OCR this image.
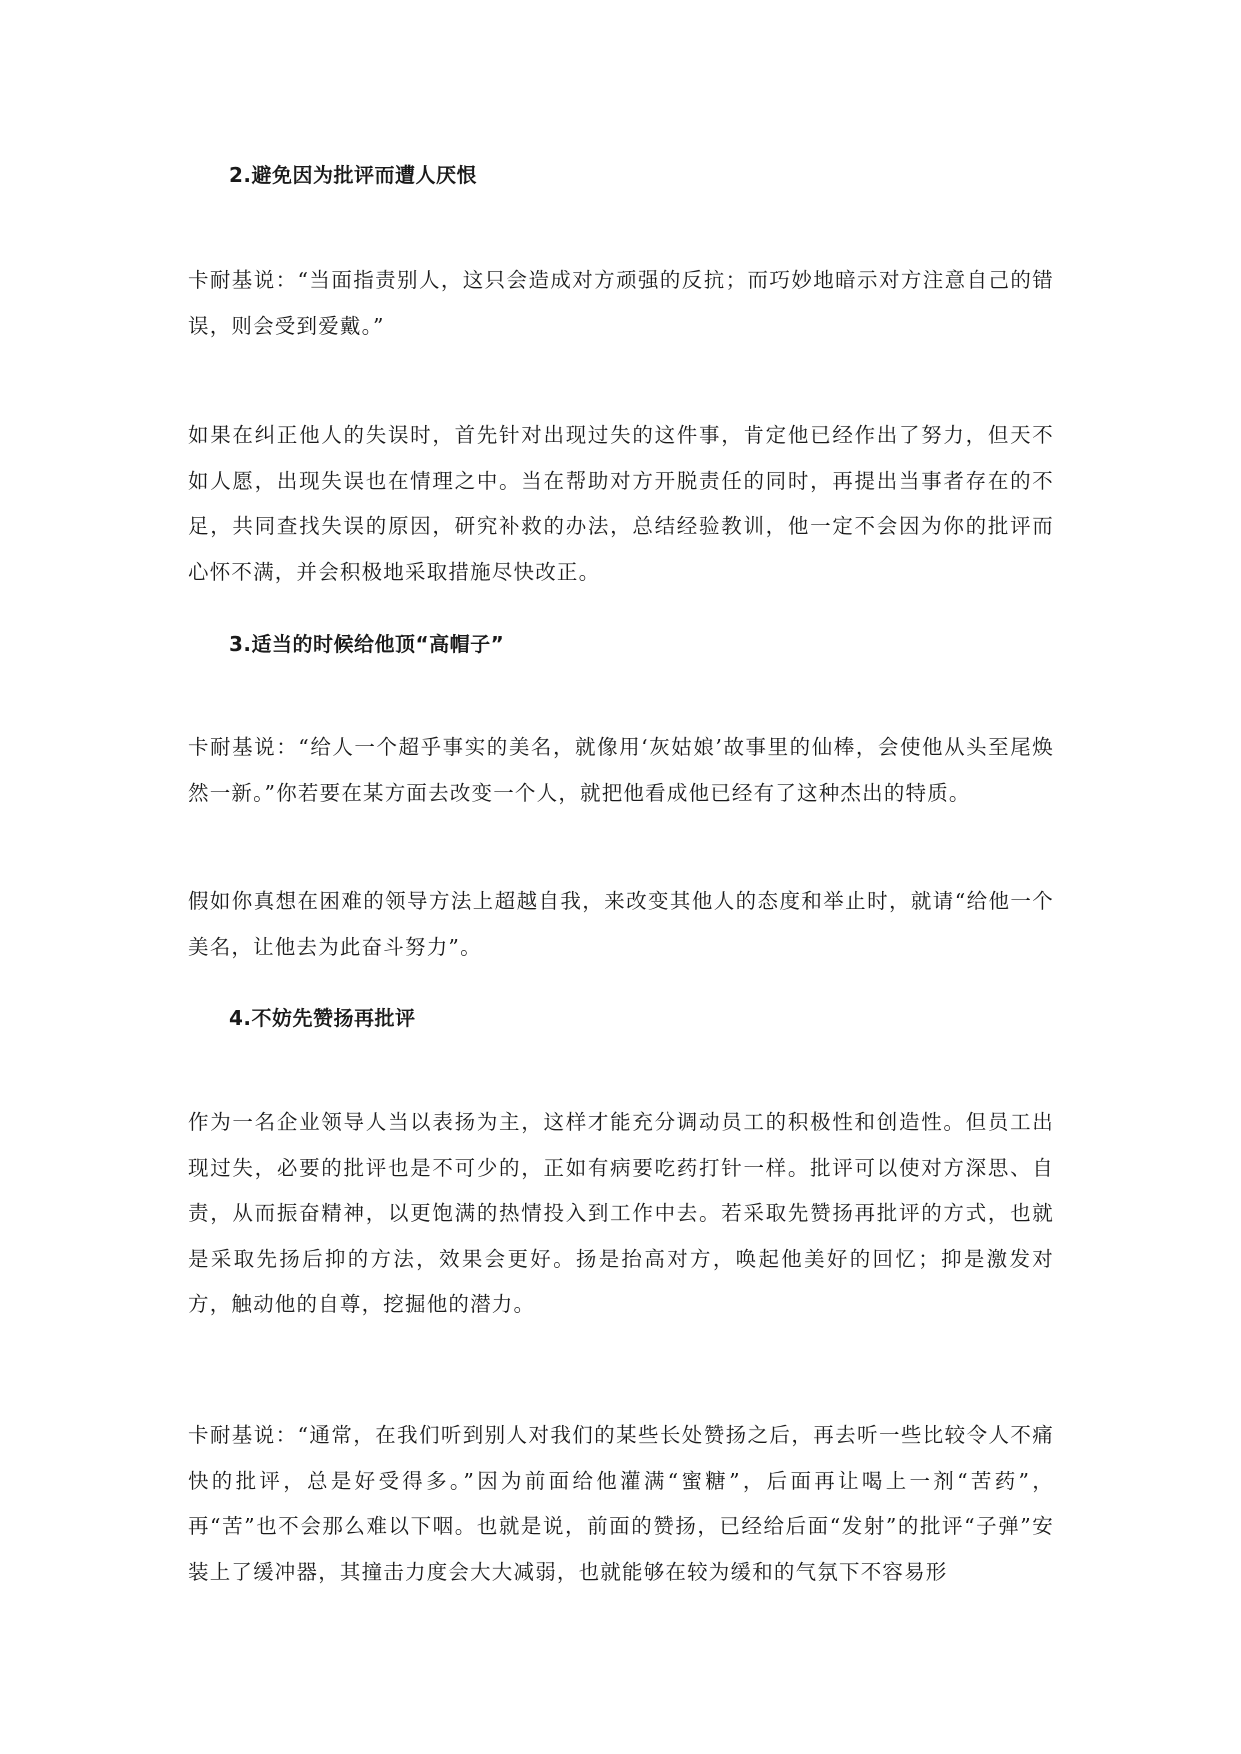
2.避免因为批评而遭人厌恨
卡耐基说：“当面指责别人，这只会造成对方顽强的反抗；而巧妙地暗示对方注意自己的错误，则会受到爱戴。”
如果在纠正他人的失误时，首先针对出现过失的这件事，肯定他已经作出了努力，但天不如人愿，出现失误也在情理之中。当在帮助对方开脱责任的同时，再提出当事者存在的不足，共同查找失误的原因，研究补救的办法，总结经验教训，他一定不会因为你的批评而心怀不满，并会积极地采取措施尽快改正。
3.适当的时候给他顶“高帽子”
卡耐基说：“给人一个超乎事实的美名，就像用‘灰姑娘’故事里的仙棒，会使他从头至尾焕然一新。”你若要在某方面去改变一个人，就把他看成他已经有了这种杰出的特质。
假如你真想在困难的领导方法上超越自我，来改变其他人的态度和举止时，就请“给他一个美名，让他去为此奋斗努力”。
4.不妨先赞扬再批评
作为一名企业领导人当以表扬为主，这样才能充分调动员工的积极性和创造性。但员工出现过失，必要的批评也是不可少的，正如有病要吃药打针一样。批评可以使对方深思、自责，从而振奋精神，以更饱满的热情投入到工作中去。若采取先赞扬再批评的方式，也就是采取先扬后抑的方法，效果会更好。扬是抬高对方，唤起他美好的回忆；抑是激发对方，触动他的自尊，挖掘他的潜力。
卡耐基说：“通常，在我们听到别人对我们的某些长处赞扬之后，再去听一些比较令人不痛快的批评，总是好受得多。”因为前面给他灌满“蜜糖”，后面再让喝上一剂“苦药”，再“苦”也不会那么难以下咽。也就是说，前面的赞扬，已经给后面“发射”的批评“子弹”安装上了缓冲器，其撞击力度会大大减弱，也就能够在较为缓和的气氛下不容易形
